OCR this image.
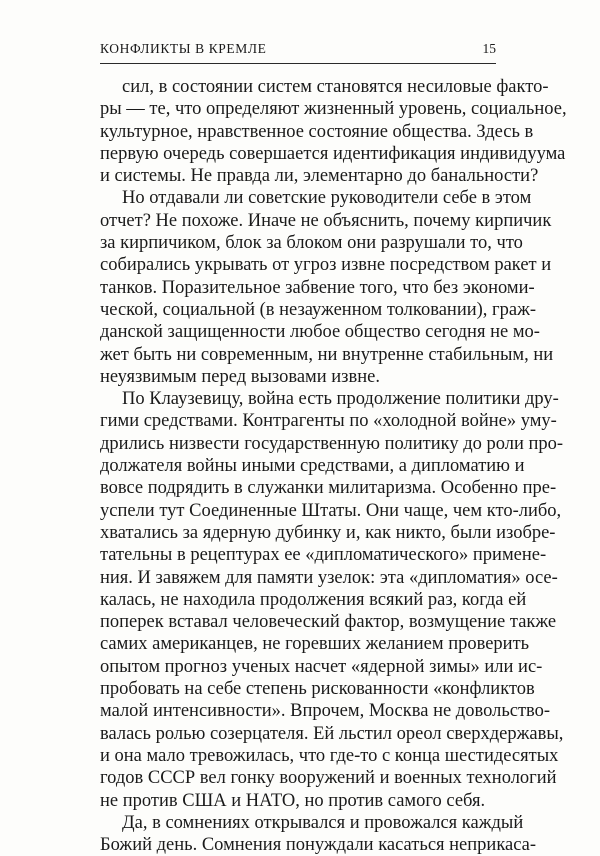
КОНФЛИКТЫ В КРЕМЛЕ	15

сил, в состоянии систем становятся несиловые факто-
ры — те, что определяют жизненный уровень, социальное,
культурное, нравственное состояние общества. Здесь в
первую очередь совершается идентификация индивидуума
и системы. Не правда ли, элементарно до банальности?

Но отдавали ли советские руководители себе в этом
отчет? Не похоже. Иначе не объяснить, почему кирпичик
за кирпичиком, блок за блоком они разрушали то, что
собирались укрывать от угроз извне посредством ракет и
танков. Поразительное забвение того, что без экономи-
ческой, социальной (в незауженном толковании), граж-
данской защищенности любое общество сегодня не мо-
жет быть ни современным, ни внутренне стабильным, ни
неуязвимым перед вызовами извне.

По Клаузевицу, война есть продолжение политики дру-
гими средствами. Контрагенты по «холодной войне» уму-
дрились низвести государственную политику до роли про-
должателя войны иными средствами, а дипломатию и
вовсе подрядить в служанки милитаризма. Особенно пре-
успели тут Соединенные Штаты. Они чаще, чем кто-либо,
хватались за ядерную дубинку и, как никто, были изобре-
тательны в рецептурах ее «дипломатического» примене-
ния. И завяжем для памяти узелок: эта «дипломатия» осе-
калась, не находила продолжения всякий раз, когда ей
поперек вставал человеческий фактор, возмущение также
самих американцев, не горевших желанием проверить
опытом прогноз ученых насчет «ядерной зимы» или ис-
пробовать на себе степень рискованности «конфликтов
малой интенсивности». Впрочем, Москва не довольство-
валась ролью созерцателя. Ей льстил ореол сверхдержавы,
и она мало тревожилась, что где-то с конца шестидесятых
годов СССР вел гонку вооружений и военных технологий
не против США и НАТО, но против самого себя.

Да, в сомнениях открывался и провожался каждый
Божий день. Сомнения понуждали касаться неприкаса-
